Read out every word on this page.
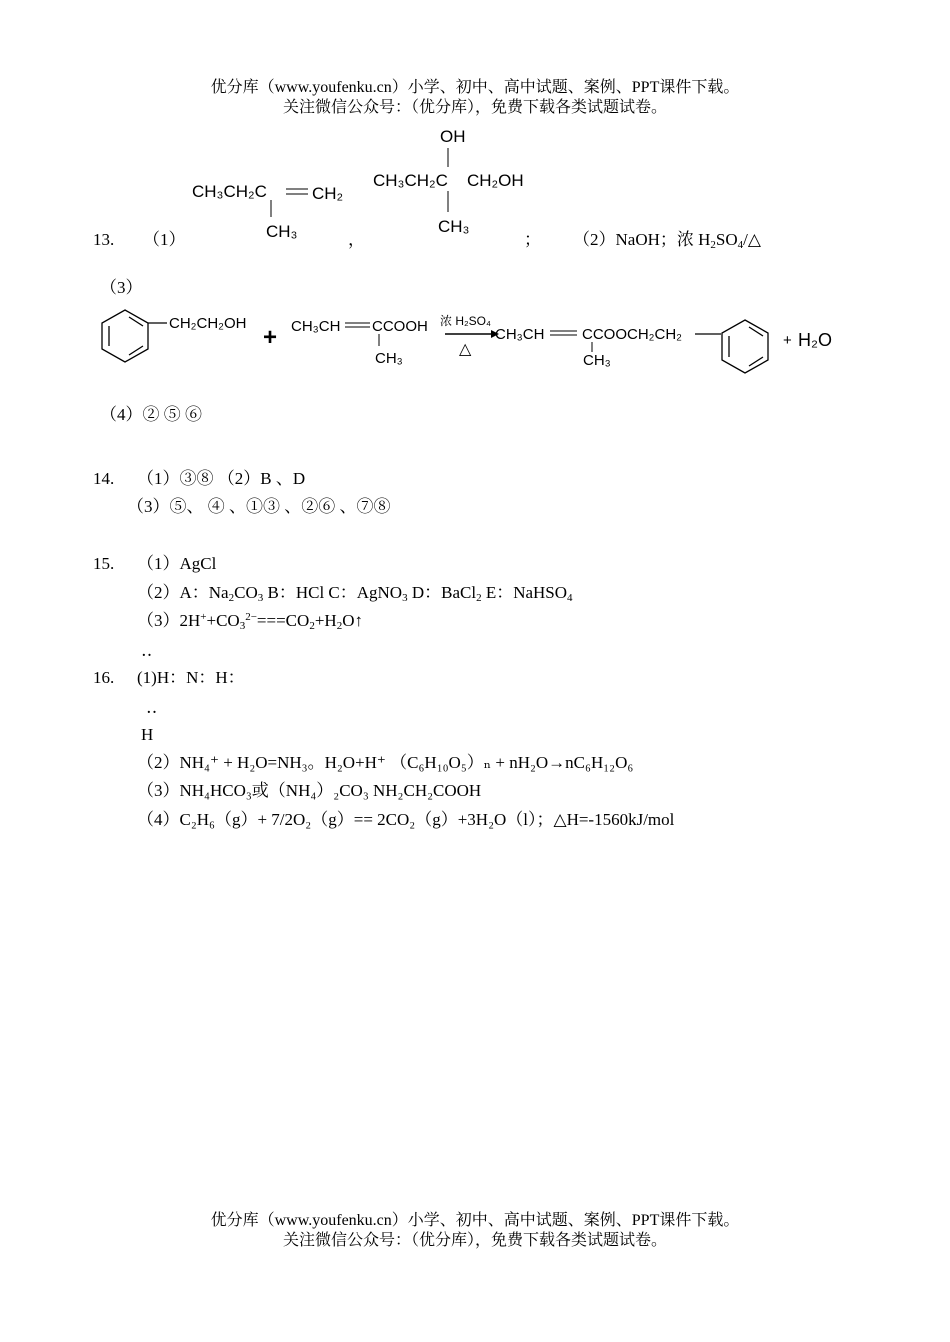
优分库（www.youfenku.cn）小学、初中、高中试题、案例、PPT课件下载。
关注微信公众号：（优分库），免费下载各类试题试卷。
CH₃CH₂C	CH₂
CH₃
OH
CH₃CH₂C CH₂OH
CH₃
13. （1）	，	； （2）NaOH；浓 $H_2SO_4/\triangle$
（3）
CH₂CH₂OH
+ CH₃CH CCOOH
CH₃
浓 H₂SO₄
△
CH₃CH	CCOOCH₂CH₂
CH₃
+ H₂O
（4）② ⑤ ⑥
14. （1）③⑧ （2）B 、D
（3）⑤、 ④ 、①③ 、②⑥ 、⑦⑧
15. （1）AgCl
（2）A：$Na_2CO_3$ B：HCl C：AgNO$_3$ D：BaCl$_2$ E：NaHSO$_4$
$(3)2H^++CO_3^{2-}===CO_2+H_2O↑$
‥
16. (1)H：N：H：
‥
H
（2）NH₄⁺ + H₂O=NH₃。H₂O+H⁺ （C₆H₁₀O₅）ₙ + nH₂O→nC₆H₁₂O₆
（3）NH₄HCO₃或（NH₄）₂CO₃ NH₂CH₂COOH
（4）C₂H₆（g）+ 7/2O₂（g）== 2CO₂（g）+3H₂O（l）；△H=-1560kJ/mol
优分库（www.youfenku.cn）小学、初中、高中试题、案例、PPT课件下载。
关注微信公众号：（优分库），免费下载各类试题试卷。
